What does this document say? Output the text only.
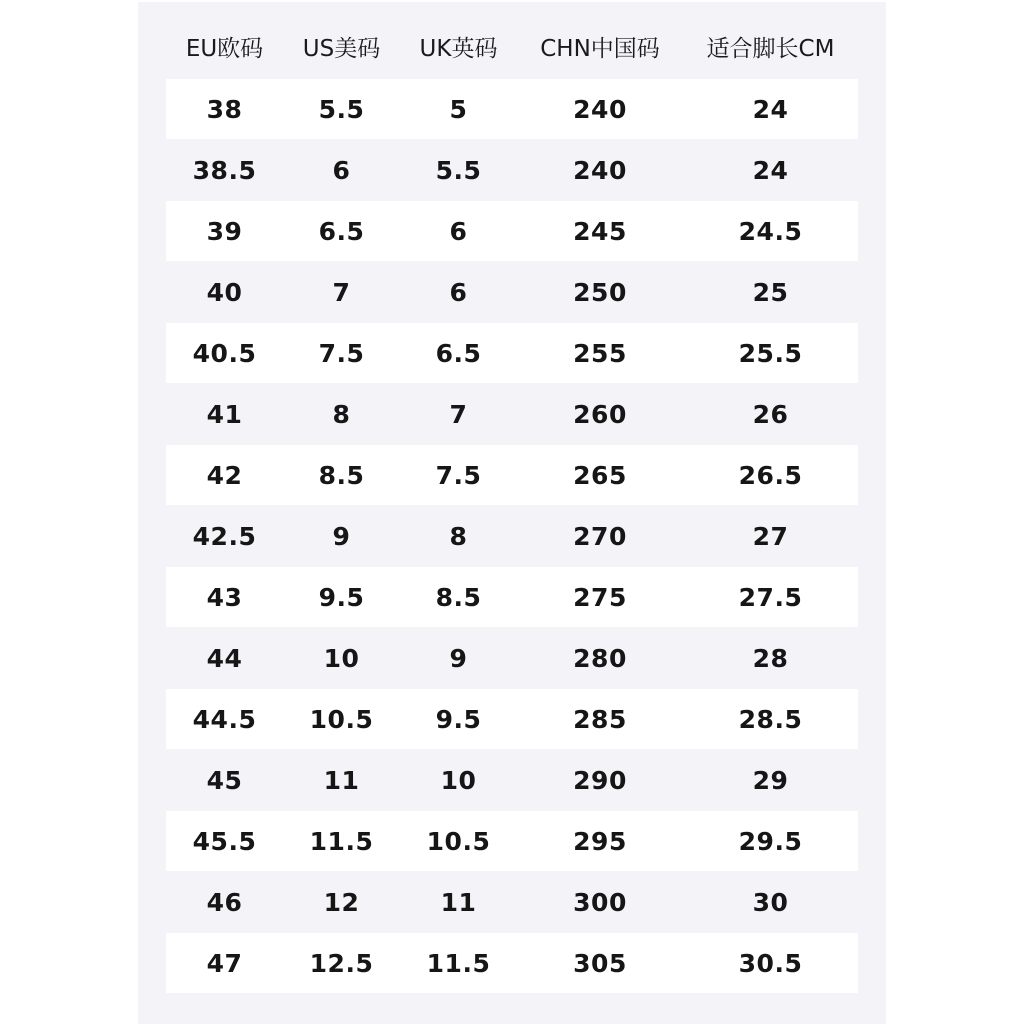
EU欧码	US美码	UK英码	CHN中国码	适合脚长CM
38	5.5	5	240	24
38.5	6	5.5	240	24
39	6.5	6	245	24.5
40	7	6	250	25
40.5	7.5	6.5	255	25.5
41	8	7	260	26
42	8.5	7.5	265	26.5
42.5	9	8	270	27
43	9.5	8.5	275	27.5
44	10	9	280	28
44.5	10.5	9.5	285	28.5
45	11	10	290	29
45.5	11.5	10.5	295	29.5
46	12	11	300	30
47	12.5	11.5	305	30.5
